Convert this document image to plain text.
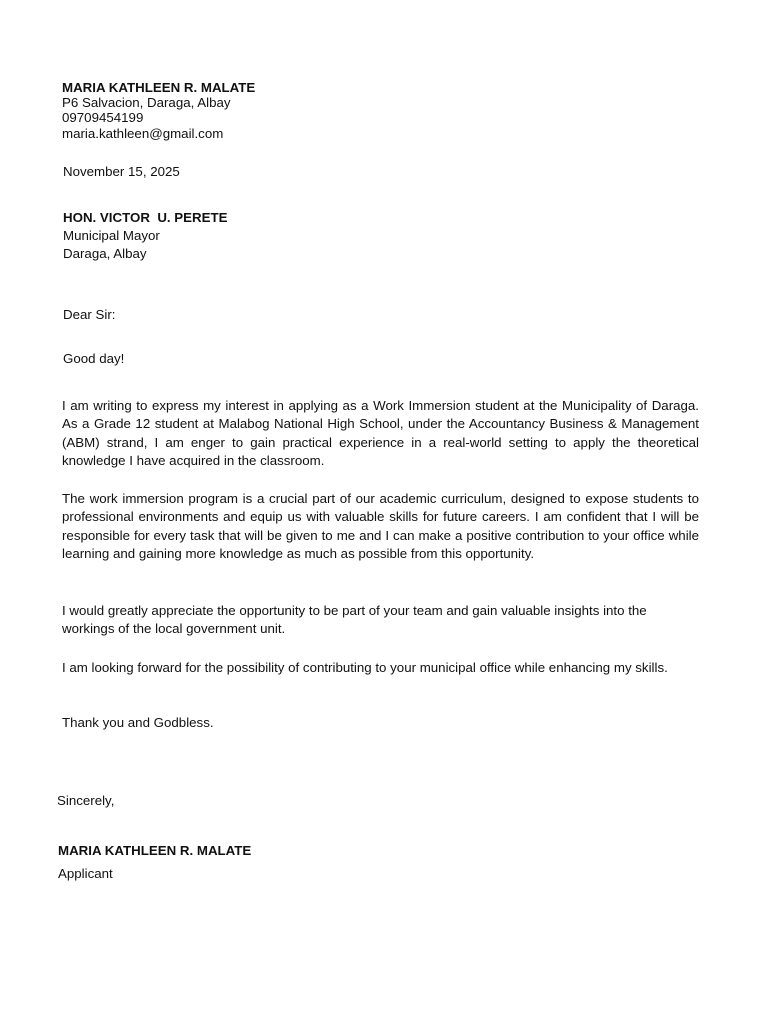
MARIA KATHLEEN R. MALATE
P6 Salvacion, Daraga, Albay
09709454199
maria.kathleen@gmail.com
November 15, 2025
HON. VICTOR  U. PERETE
Municipal Mayor
Daraga, Albay
Dear Sir:
Good day!

I am writing to express my interest in applying as a Work Immersion student at the Municipality of Daraga. As a Grade 12 student at Malabog National High School, under the Accountancy Business & Management (ABM) strand, I am enger to gain practical experience in a real-world setting to apply the theoretical knowledge I have acquired in the classroom.

The work immersion program is a crucial part of our academic curriculum, designed to expose students to professional environments and equip us with valuable skills for future careers. I am confident that I will be responsible for every task that will be given to me and I can make a positive contribution to your office while learning and gaining more knowledge as much as possible from this opportunity.

I would greatly appreciate the opportunity to be part of your team and gain valuable insights into the workings of the local government unit.

I am looking forward for the possibility of contributing to your municipal office while enhancing my skills.

Thank you and Godbless.
Sincerely,
MARIA KATHLEEN R. MALATE
Applicant
